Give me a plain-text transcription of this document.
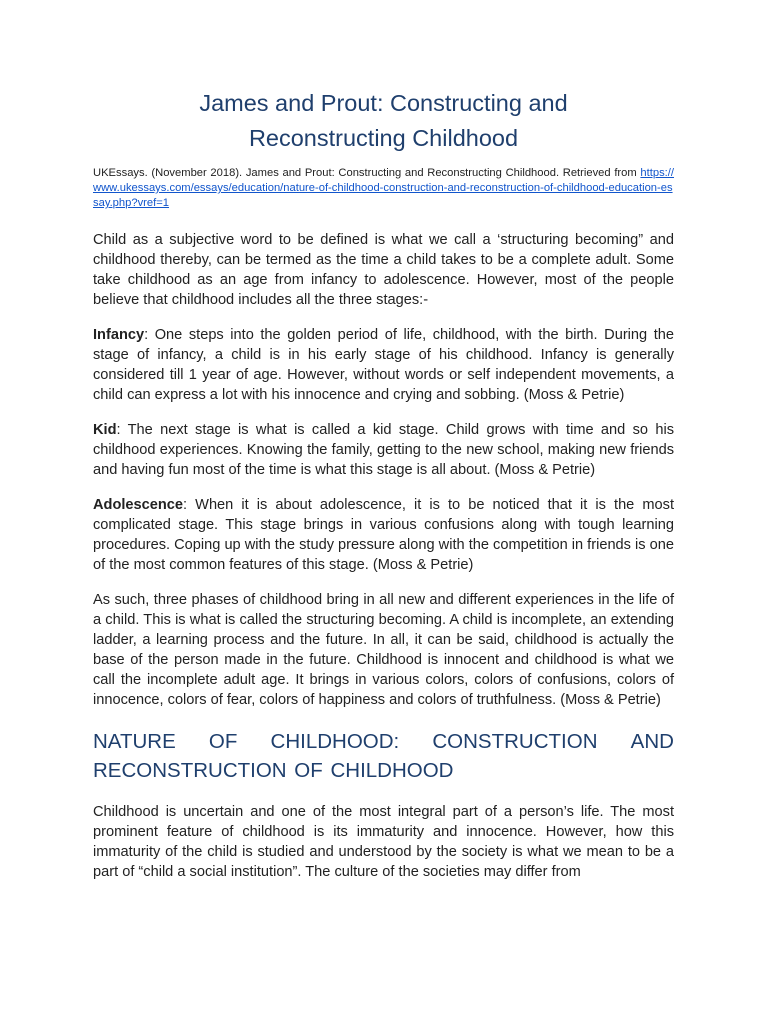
James and Prout: Constructing and
Reconstructing Childhood
UKEssays. (November 2018). James and Prout: Constructing and Reconstructing Childhood. Retrieved from https://www.ukessays.com/essays/education/nature-of-childhood-construction-and-reconstruction-of-childhood-education-essay.php?vref=1

Child as a subjective word to be defined is what we call a ‘structuring becoming” and childhood thereby, can be termed as the time a child takes to be a complete adult. Some take childhood as an age from infancy to adolescence. However, most of the people believe that childhood includes all the three stages:-

Infancy: One steps into the golden period of life, childhood, with the birth. During the stage of infancy, a child is in his early stage of his childhood. Infancy is generally considered till 1 year of age. However, without words or self independent movements, a child can express a lot with his innocence and crying and sobbing. (Moss & Petrie)

Kid: The next stage is what is called a kid stage. Child grows with time and so his childhood experiences. Knowing the family, getting to the new school, making new friends and having fun most of the time is what this stage is all about. (Moss & Petrie)

Adolescence: When it is about adolescence, it is to be noticed that it is the most complicated stage. This stage brings in various confusions along with tough learning procedures. Coping up with the study pressure along with the competition in friends is one of the most common features of this stage. (Moss & Petrie)

As such, three phases of childhood bring in all new and different experiences in the life of a child. This is what is called the structuring becoming. A child is incomplete, an extending ladder, a learning process and the future. In all, it can be said, childhood is actually the base of the person made in the future. Childhood is innocent and childhood is what we call the incomplete adult age. It brings in various colors, colors of confusions, colors of innocence, colors of fear, colors of happiness and colors of truthfulness. (Moss & Petrie)

NATURE OF CHILDHOOD: CONSTRUCTION AND
RECONSTRUCTION OF CHILDHOOD

Childhood is uncertain and one of the most integral part of a person’s life. The most prominent feature of childhood is its immaturity and innocence. However, how this immaturity of the child is studied and understood by the society is what we mean to be a part of “child a social institution”. The culture of the societies may differ from
